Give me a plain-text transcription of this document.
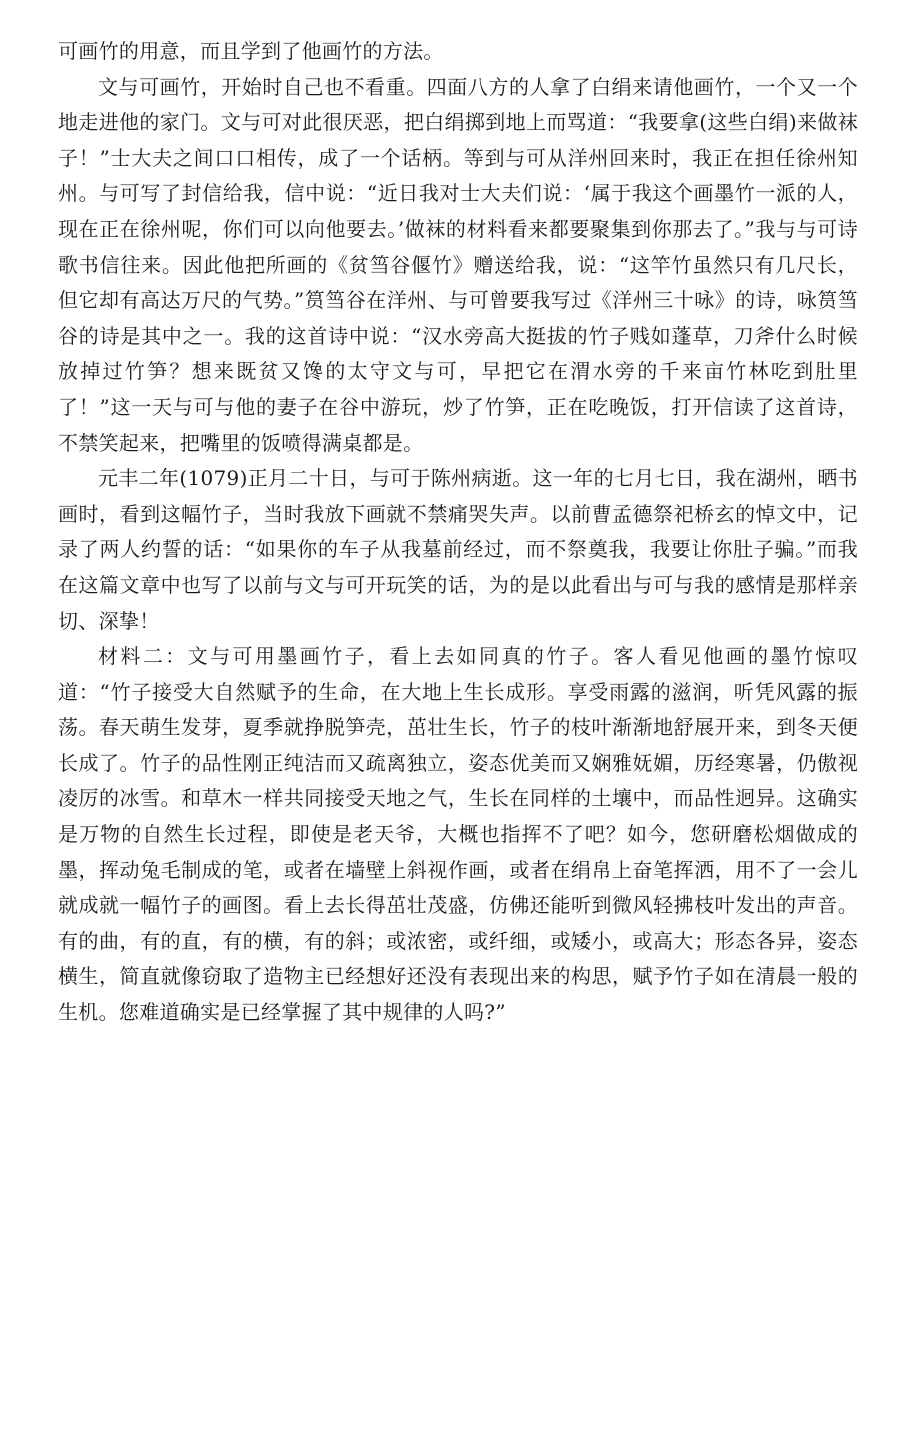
可画竹的用意，而且学到了他画竹的方法。

文与可画竹，开始时自己也不看重。四面八方的人拿了白绢来请他画竹，一个又一个地走进他的家门。文与可对此很厌恶，把白绢掷到地上而骂道：“我要拿(这些白绢)来做袜子！”士大夫之间口口相传，成了一个话柄。等到与可从洋州回来时，我正在担任徐州知州。与可写了封信给我，信中说：“近日我对士大夫们说：‘属于我这个画墨竹一派的人，现在正在徐州呢，你们可以向他要去。’做袜的材料看来都要聚集到你那去了。”我与与可诗歌书信往来。因此他把所画的《贫筜谷偃竹》赠送给我，说：“这竿竹虽然只有几尺长，但它却有高达万尺的气势。”筼筜谷在洋州、与可曾要我写过《洋州三十咏》的诗，咏筼筜谷的诗是其中之一。我的这首诗中说：“汉水旁高大挺拔的竹子贱如蓬草，刀斧什么时候放掉过竹笋？想来既贫又馋的太守文与可，早把它在渭水旁的千来亩竹林吃到肚里了！”这一天与可与他的妻子在谷中游玩，炒了竹笋，正在吃晚饭，打开信读了这首诗，不禁笑起来，把嘴里的饭喷得满桌都是。

元丰二年(1079)正月二十日，与可于陈州病逝。这一年的七月七日，我在湖州，晒书画时，看到这幅竹子，当时我放下画就不禁痛哭失声。以前曹孟德祭祀桥玄的悼文中，记录了两人约誓的话：“如果你的车子从我墓前经过，而不祭奠我，我要让你肚子骗。”而我在这篇文章中也写了以前与文与可开玩笑的话，为的是以此看出与可与我的感情是那样亲切、深挚！

材料二：文与可用墨画竹子，看上去如同真的竹子。客人看见他画的墨竹惊叹道：“竹子接受大自然赋予的生命，在大地上生长成形。享受雨露的滋润，听凭风露的振荡。春天萌生发芽，夏季就挣脱笋壳，茁壮生长，竹子的枝叶渐渐地舒展开来，到冬天便长成了。竹子的品性刚正纯洁而又疏离独立，姿态优美而又娴雅妩媚，历经寒暑，仍傲视凌厉的冰雪。和草木一样共同接受天地之气，生长在同样的土壤中，而品性迥异。这确实是万物的自然生长过程，即使是老天爷，大概也指挥不了吧？如今，您研磨松烟做成的墨，挥动兔毛制成的笔，或者在墙壁上斜视作画，或者在绢帛上奋笔挥洒，用不了一会儿就成就一幅竹子的画图。看上去长得茁壮茂盛，仿佛还能听到微风轻拂枝叶发出的声音。有的曲，有的直，有的横，有的斜；或浓密，或纤细，或矮小，或高大；形态各异，姿态横生，简直就像窃取了造物主已经想好还没有表现出来的构思，赋予竹子如在清晨一般的生机。您难道确实是已经掌握了其中规律的人吗?”
